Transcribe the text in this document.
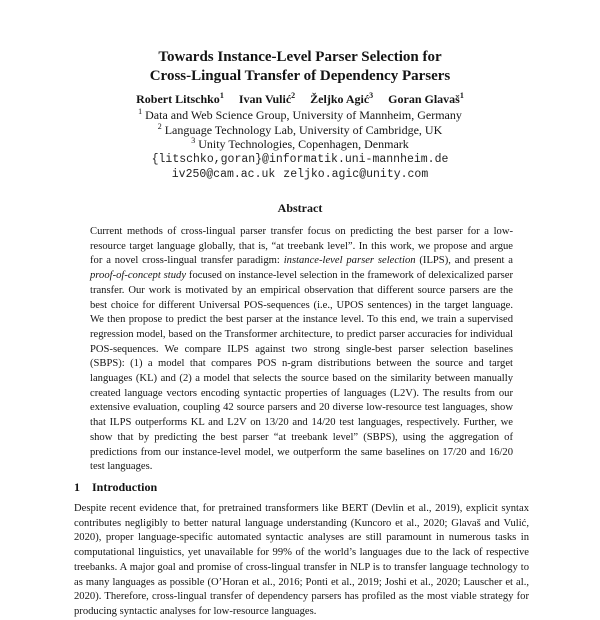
Towards Instance-Level Parser Selection for
Cross-Lingual Transfer of Dependency Parsers
Robert Litschko$^1$ Ivan Vulić$^2$ Željko Agić$^3$ Goran Glavaš$^1$
$^1$ Data and Web Science Group, University of Mannheim, Germany
$^2$ Language Technology Lab, University of Cambridge, UK
$^3$ Unity Technologies, Copenhagen, Denmark
{litschko,goran}@informatik.uni-mannheim.de
iv250@cam.ac.uk zeljko.agic@unity.com
Abstract

Current methods of cross-lingual parser transfer focus on predicting the best parser for a low-resource target language globally, that is, “at treebank level”. In this work, we propose and argue for a novel cross-lingual transfer paradigm: instance-level parser selection (ILPS), and present a proof-of-concept study focused on instance-level selection in the framework of delexicalized parser transfer. Our work is motivated by an empirical observation that different source parsers are the best choice for different Universal POS-sequences (i.e., UPOS sentences) in the target language. We then propose to predict the best parser at the instance level. To this end, we train a supervised regression model, based on the Transformer architecture, to predict parser accuracies for individual POS-sequences. We compare ILPS against two strong single-best parser selection baselines (SBPS): (1) a model that compares POS n-gram distributions between the source and target languages (KL) and (2) a model that selects the source based on the similarity between manually created language vectors encoding syntactic properties of languages (L2V). The results from our extensive evaluation, coupling 42 source parsers and 20 diverse low-resource test languages, show that ILPS outperforms KL and L2V on 13/20 and 14/20 test languages, respectively. Further, we show that by predicting the best parser “at treebank level” (SBPS), using the aggregation of predictions from our instance-level model, we outperform the same baselines on 17/20 and 16/20 test languages.

1 Introduction

Despite recent evidence that, for pretrained transformers like BERT (Devlin et al., 2019), explicit syntax contributes negligibly to better natural language understanding (Kuncoro et al., 2020; Glavaš and Vulić, 2020), proper language-specific automated syntactic analyses are still paramount in numerous tasks in computational linguistics, yet unavailable for 99% of the world’s languages due to the lack of respective treebanks. A major goal and promise of cross-lingual transfer in NLP is to transfer language technology to as many languages as possible (O’Horan et al., 2016; Ponti et al., 2019; Joshi et al., 2020; Lauscher et al., 2020). Therefore, cross-lingual transfer of dependency parsers has profiled as the most viable strategy for producing syntactic analyses for low-resource languages.
